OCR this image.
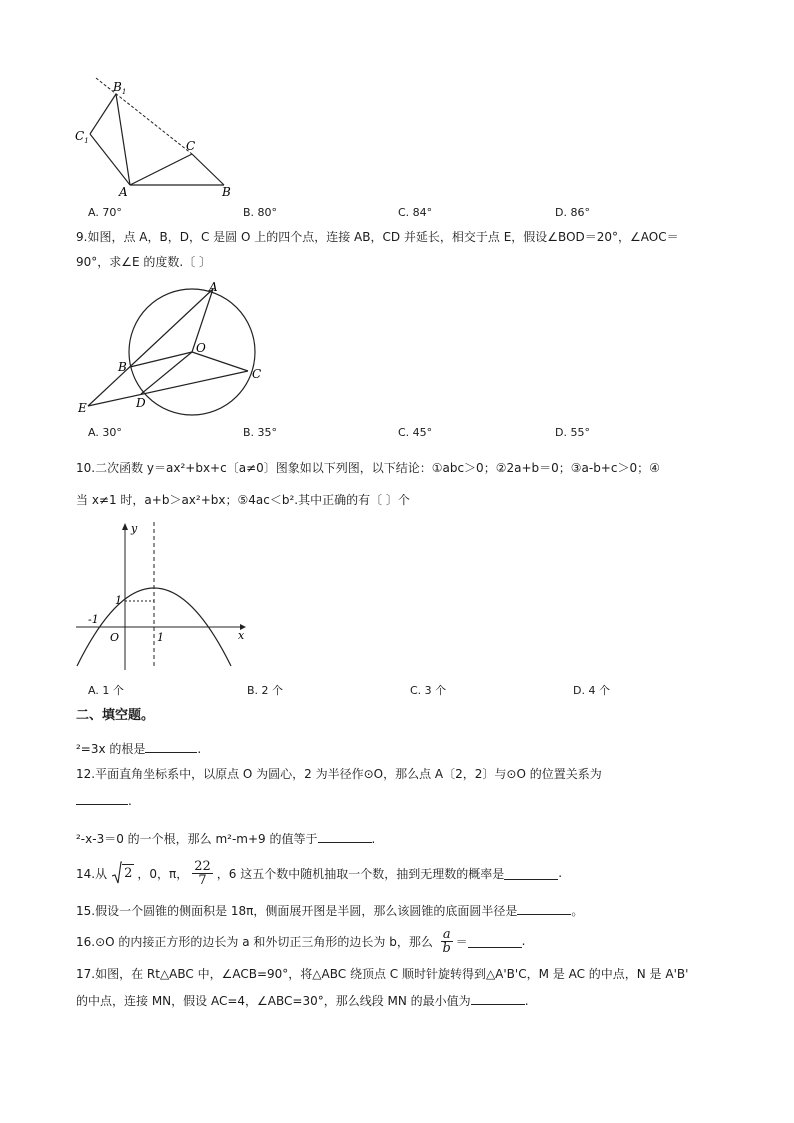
$B_1$
$C_1$	C
A	B
A. 70°	B. 80°	C. 84°	D. 86°
9.如图，点 A，B，D，C 是圆 O 上的四个点，连接 AB，CD 并延长，相交于点 E，假设∠BOD＝20°，∠AOC＝
90°，求∠E 的度数.〔 〕
A
O
B	C
D
E
A. 30°	B. 35°	C. 45°	D. 55°
10.二次函数 y＝ax²+bx+c〔a≠0〕图象如以下列图，以下结论：①abc＞0；②2a+b＝0；③a-b+c＞0；④
当 x≠1 时，a+b＞ax²+bx；⑤4ac＜b².其中正确的有〔 〕个
y
x
1
-1
O	1
A. 1 个	B. 2 个	C. 3 个	D. 4 个
二、填空题。
²=3x 的根是	.
12.平面直角坐标系中，以原点 O 为圆心，2 为半径作⊙O，那么点 A〔2，2〕与⊙O 的位置关系为
.
²-x-3＝0 的一个根，那么 m²-m+9 的值等于	.
14.从 2 ，0，π， $\frac{22}{7}$ ，6 这五个数中随机抽取一个数，抽到无理数的概率是	.
15.假设一个圆锥的侧面积是 18π，侧面展开图是半圆，那么该圆锥的底面圆半径是	。
16.⊙O 的内接正方形的边长为 a 和外切正三角形的边长为 b，那么 $\frac{a}{b}$ ＝	.
17.如图，在 Rt△ABC 中，∠ACB=90°，将△ABC 绕顶点 C 顺时针旋转得到△A'B'C，M 是 AC 的中点，N 是 A'B'
的中点，连接 MN，假设 AC=4，∠ABC=30°，那么线段 MN 的最小值为	.
